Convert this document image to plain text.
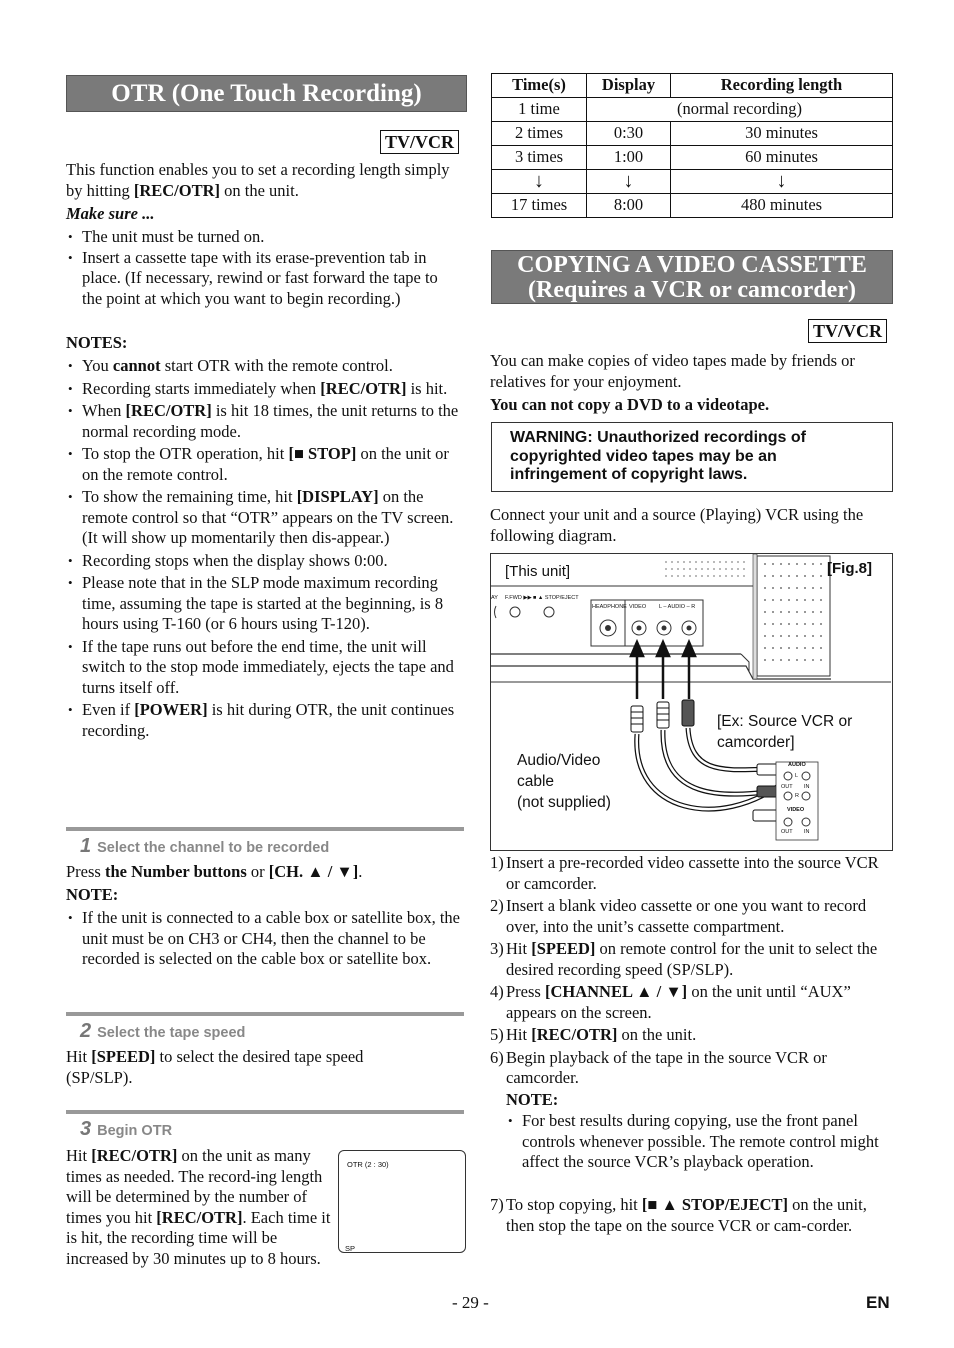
OTR (One Touch Recording)
TV/VCR
This function enables you to set a recording length simply by hitting [REC/OTR] on the unit.
Make sure ...
• The unit must be turned on.
• Insert a cassette tape with its erase-prevention tab in place. (If necessary, rewind or fast forward the tape to the point at which you want to begin recording.)
NOTES:
• You cannot start OTR with the remote control.
• Recording starts immediately when [REC/OTR] is hit.
• When [REC/OTR] is hit 18 times, the unit returns to the normal recording mode.
• To stop the OTR operation, hit [■ STOP] on the unit or on the remote control.
• To show the remaining time, hit [DISPLAY] on the remote control so that “OTR” appears on the TV screen. (It will show up momentarily then dis-appear.)
• Recording stops when the display shows 0:00.
• Please note that in the SLP mode maximum recording time, assuming the tape is started at the beginning, is 8 hours using T-160 (or 6 hours using T-120).
• If the tape runs out before the end time, the unit will switch to the stop mode immediately, ejects the tape and turns itself off.
• Even if [POWER] is hit during OTR, the unit continues recording.
1 Select the channel to be recorded
Press the Number buttons or [CH. ▲ / ▼].
NOTE:
• If the unit is connected to a cable box or satellite box, the unit must be on CH3 or CH4, then the channel to be recorded is selected on the cable box or satellite box.
2 Select the tape speed
Hit [SPEED] to select the desired tape speed (SP/SLP).
3 Begin OTR
Hit [REC/OTR] on the unit as many times as needed. The record-ing length will be determined by the number of times you hit [REC/OTR]. Each time it is hit, the recording time will be increased by 30 minutes up to 8 hours.
OTR (2 : 30)
SP
Time(s)	Display	Recording length
1 time	(normal recording)	
2 times	0:30	30 minutes
3 times	1:00	60 minutes
↓	↓	↓
17 times	8:00	480 minutes
COPYING A VIDEO CASSETTE
(Requires a VCR or camcorder)
TV/VCR
You can make copies of video tapes made by friends or relatives for your enjoyment.
You can not copy a DVD to a videotape.
WARNING: Unauthorized recordings of copyrighted video tapes may be an infringement of copyright laws.
Connect your unit and a source (Playing) VCR using the following diagram.
[This unit]	[Fig.8]
AY F.FWD ▶▶ ■ ▲ STOP/EJECT
HEADPHONE VIDEO L – AUDIO – R
[Ex: Source VCR or
camcorder]
Audio/Video
cable
(not supplied)
AUDIO
L
OUT IN
R
VIDEO
OUT IN
1) Insert a pre-recorded video cassette into the source VCR or camcorder.
2) Insert a blank video cassette or one you want to record over, into the unit’s cassette compartment.
3) Hit [SPEED] on remote control for the unit to select the desired recording speed (SP/SLP).
4) Press [CHANNEL ▲ / ▼] on the unit until “AUX” appears on the screen.
5) Hit [REC/OTR] on the unit.
6) Begin playback of the tape in the source VCR or camcorder.
NOTE:
• For best results during copying, use the front panel controls whenever possible. The remote control might affect the source VCR’s playback operation.
7) To stop copying, hit [■ ▲ STOP/EJECT] on the unit, then stop the tape on the source VCR or cam-corder.
- 29 -	EN
